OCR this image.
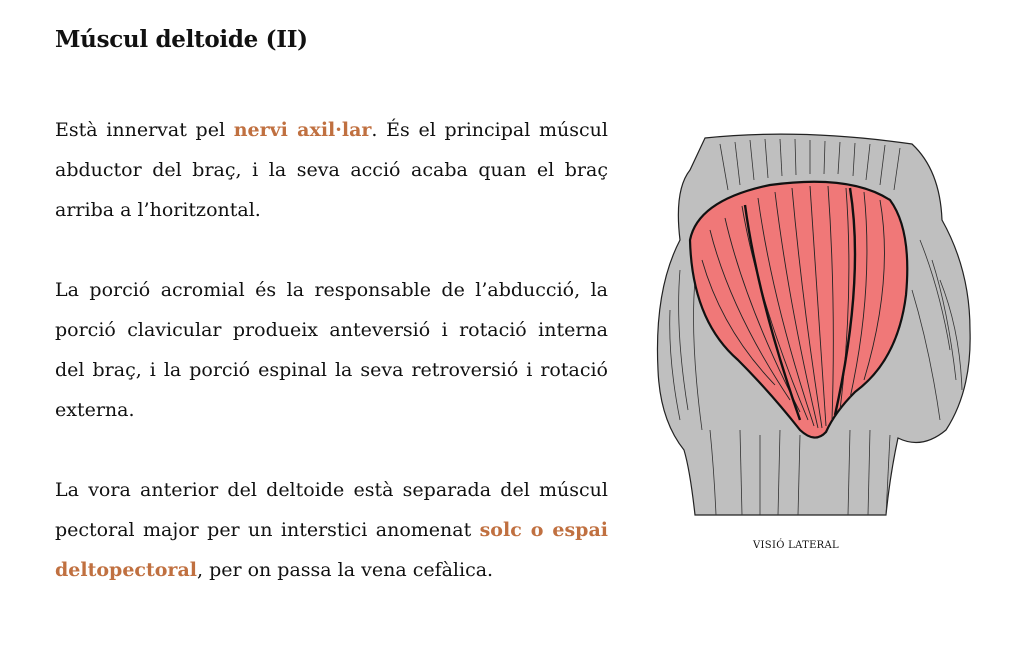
Múscul deltoide (II)

Està innervat pel nervi axil·lar. És el principal múscul abductor del braç, i la seva acció acaba quan el braç arriba a l’horitzontal.

La porció acromial és la responsable de l’abducció, la porció clavicular produeix anteversió i rotació interna del braç, i la porció espinal la seva retroversió i rotació externa.

La vora anterior del deltoide està separada del múscul pectoral major per un interstici anomenat solc o espai deltopectoral, per on passa la vena cefàlica.

VISIÓ LATERAL
